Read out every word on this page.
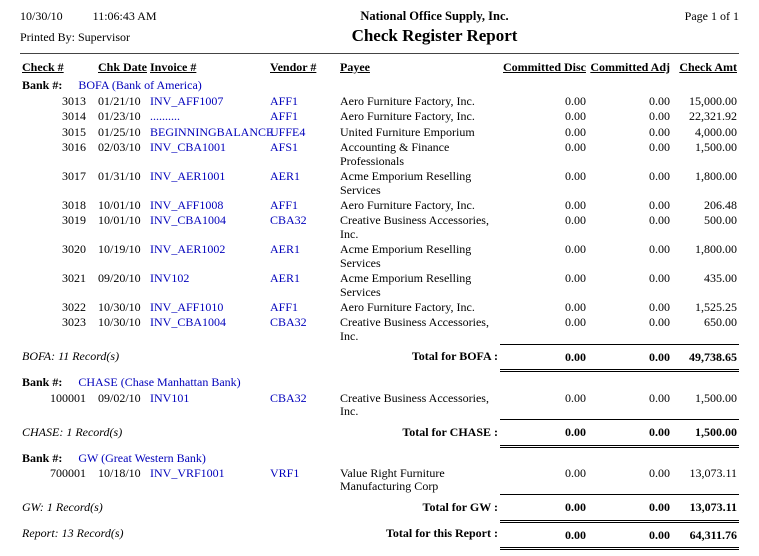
10/30/10	11:06:43 AM	National Office Supply, Inc.	Page 1 of 1
Printed By: Supervisor	Check Register Report
Check #	Chk Date	Invoice #	Vendor #	Payee	Committed Disc	Committed Adj	Check Amt
Bank #: BOFA (Bank of America)							
3013	01/21/10	INV_AFF1007	AFF1	Aero Furniture Factory, Inc.	0.00	0.00	15,000.00
3014	01/23/10	..........	AFF1	Aero Furniture Factory, Inc.	0.00	0.00	22,321.92
3015	01/25/10	BEGINNINGBALANCE	UFFE4	United Furniture Emporium	0.00	0.00	4,000.00
3016	02/03/10	INV_CBA1001	AFS1	Accounting & Finance Professionals	0.00	0.00	1,500.00
3017	01/31/10	INV_AER1001	AER1	Acme Emporium Reselling Services	0.00	0.00	1,800.00
3018	10/01/10	INV_AFF1008	AFF1	Aero Furniture Factory, Inc.	0.00	0.00	206.48
3019	10/01/10	INV_CBA1004	CBA32	Creative Business Accessories, Inc.	0.00	0.00	500.00
3020	10/19/10	INV_AER1002	AER1	Acme Emporium Reselling Services	0.00	0.00	1,800.00
3021	09/20/10	INV102	AER1	Acme Emporium Reselling Services	0.00	0.00	435.00
3022	10/30/10	INV_AFF1010	AFF1	Aero Furniture Factory, Inc.	0.00	0.00	1,525.25
3023	10/30/10	INV_CBA1004	CBA32	Creative Business Accessories, Inc.	0.00	0.00	650.00
BOFA: 11 Record(s)				Total for BOFA :	0.00	0.00	49,738.65
Bank #: CHASE (Chase Manhattan Bank)							
100001	09/02/10	INV101	CBA32	Creative Business Accessories, Inc.	0.00	0.00	1,500.00
CHASE: 1 Record(s)				Total for CHASE :	0.00	0.00	1,500.00
Bank #: GW (Great Western Bank)							
700001	10/18/10	INV_VRF1001	VRF1	Value Right Furniture Manufacturing Corp	0.00	0.00	13,073.11
GW: 1 Record(s)				Total for GW :	0.00	0.00	13,073.11
Report: 13 Record(s)				Total for this Report :	0.00	0.00	64,311.76
